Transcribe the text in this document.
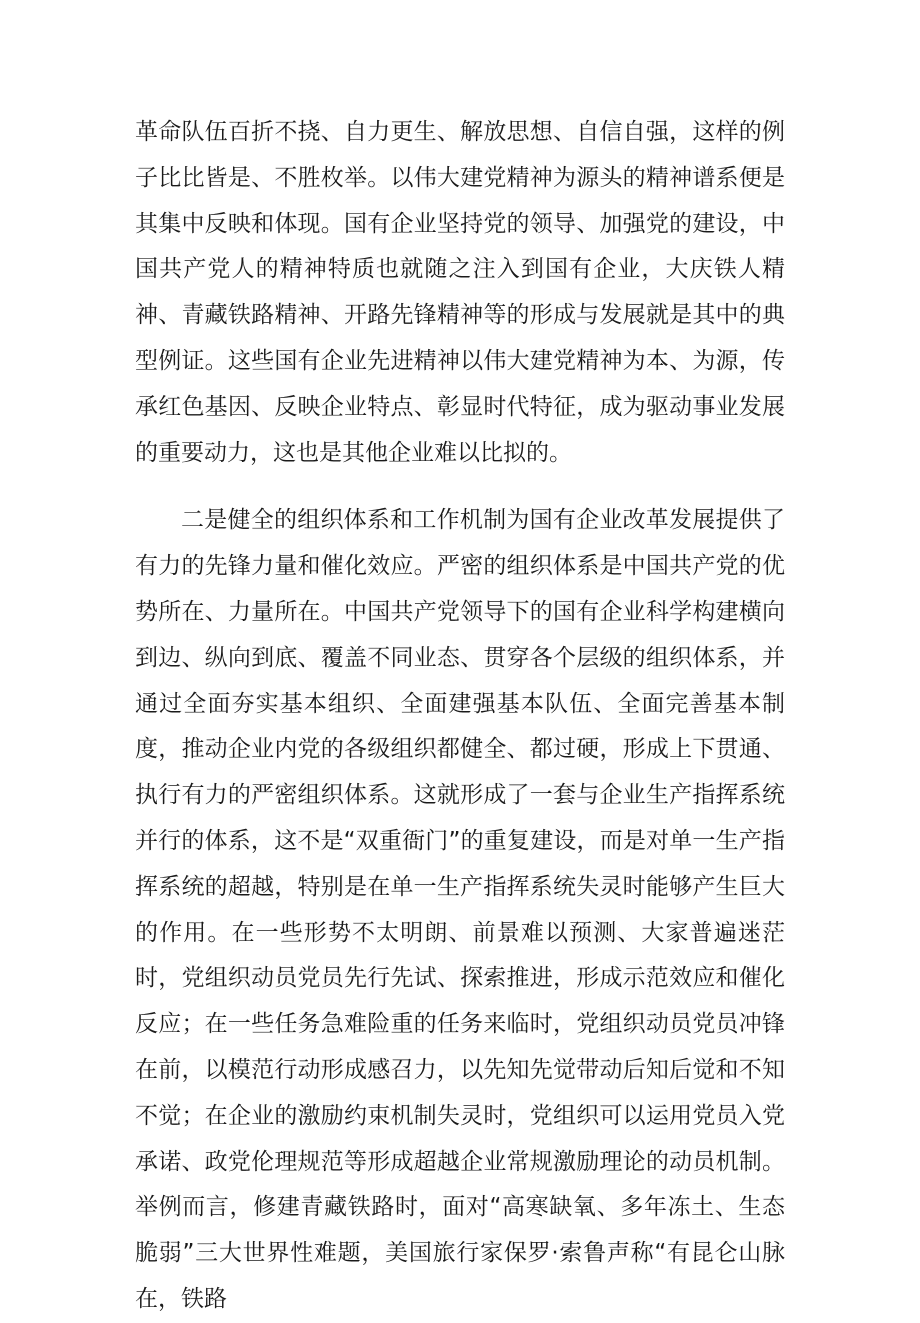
革命队伍百折不挠、自力更生、解放思想、自信自强，这样的例子比比皆是、不胜枚举。以伟大建党精神为源头的精神谱系便是其集中反映和体现。国有企业坚持党的领导、加强党的建设，中国共产党人的精神特质也就随之注入到国有企业，大庆铁人精神、青藏铁路精神、开路先锋精神等的形成与发展就是其中的典型例证。这些国有企业先进精神以伟大建党精神为本、为源，传承红色基因、反映企业特点、彰显时代特征，成为驱动事业发展的重要动力，这也是其他企业难以比拟的。

二是健全的组织体系和工作机制为国有企业改革发展提供了有力的先锋力量和催化效应。严密的组织体系是中国共产党的优势所在、力量所在。中国共产党领导下的国有企业科学构建横向到边、纵向到底、覆盖不同业态、贯穿各个层级的组织体系，并通过全面夯实基本组织、全面建强基本队伍、全面完善基本制度，推动企业内党的各级组织都健全、都过硬，形成上下贯通、执行有力的严密组织体系。这就形成了一套与企业生产指挥系统并行的体系，这不是“双重衙门”的重复建设，而是对单一生产指挥系统的超越，特别是在单一生产指挥系统失灵时能够产生巨大的作用。在一些形势不太明朗、前景难以预测、大家普遍迷茫时，党组织动员党员先行先试、探索推进，形成示范效应和催化反应；在一些任务急难险重的任务来临时，党组织动员党员冲锋在前，以模范行动形成感召力，以先知先觉带动后知后觉和不知不觉；在企业的激励约束机制失灵时，党组织可以运用党员入党承诺、政党伦理规范等形成超越企业常规激励理论的动员机制。举例而言，修建青藏铁路时，面对“高寒缺氧、多年冻土、生态脆弱”三大世界性难题，美国旅行家保罗·索鲁声称“有昆仑山脉在，铁路
